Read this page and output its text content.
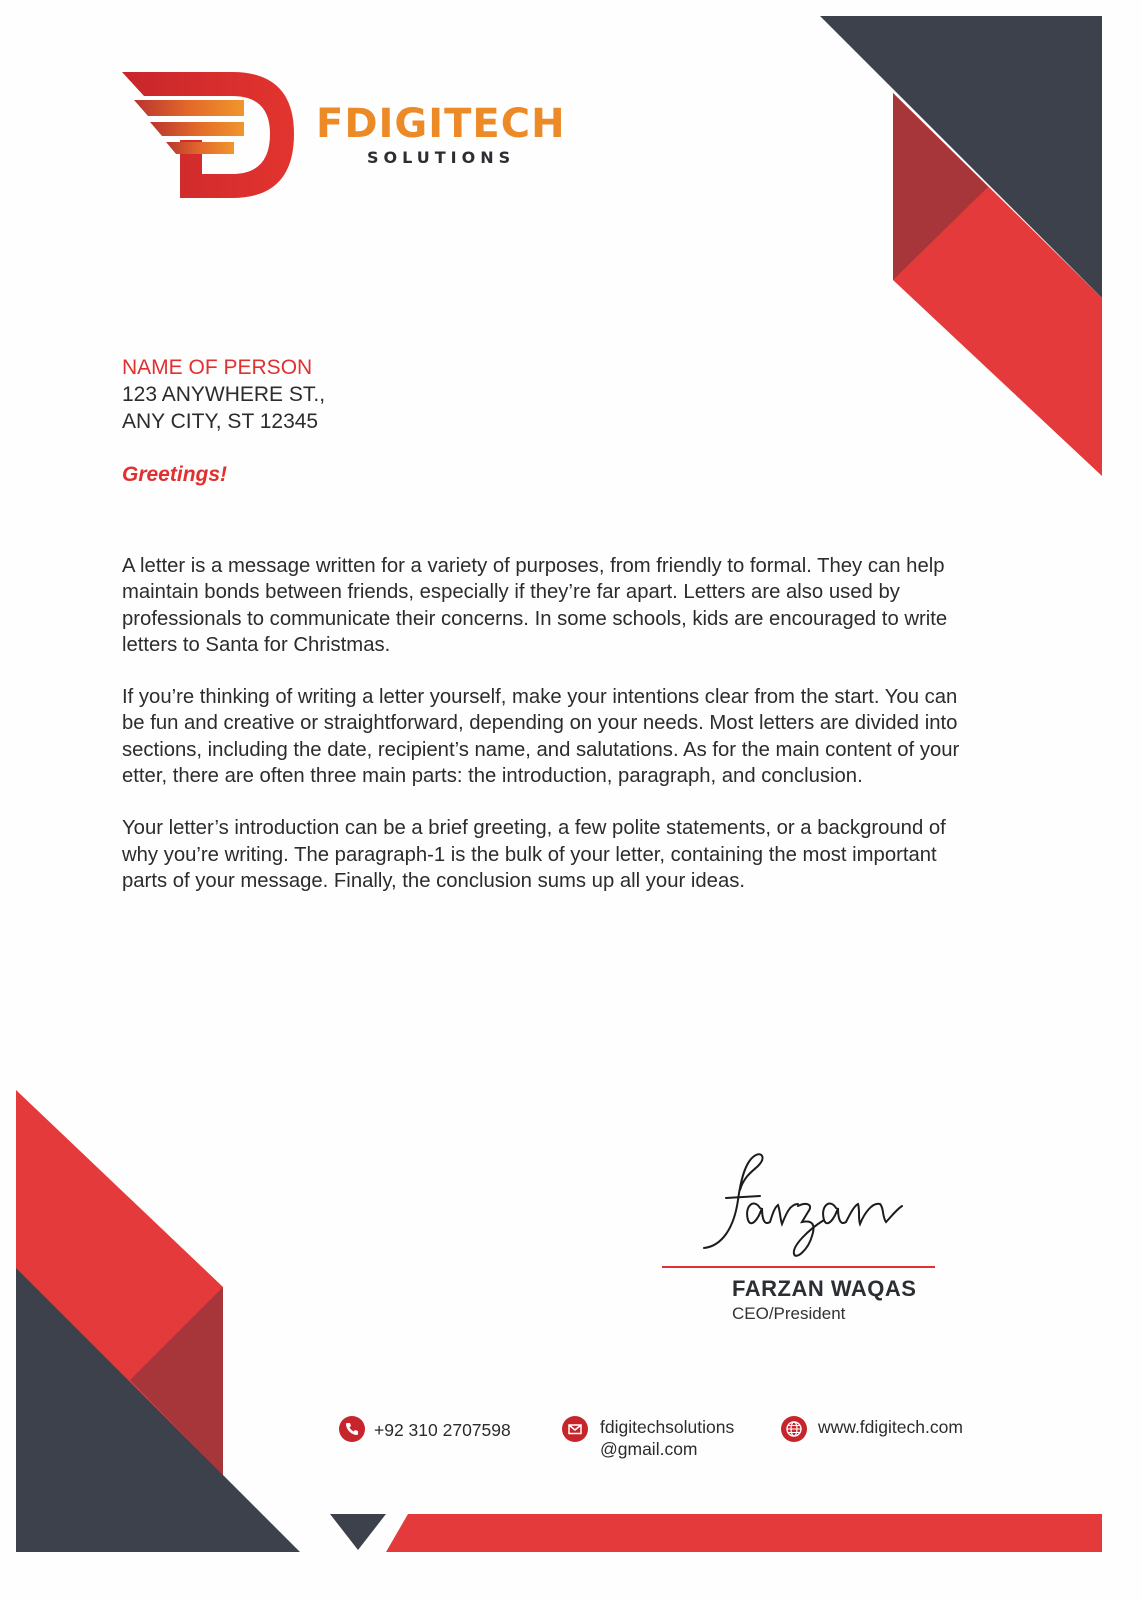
FDIGITECH
SOLUTIONS
NAME OF PERSON
123 ANYWHERE ST.,
ANY CITY, ST 12345
Greetings!

A letter is a message written for a variety of purposes, from friendly to formal. They can help maintain bonds between friends, especially if they’re far apart. Letters are also used by professionals to communicate their concerns. In some schools, kids are encouraged to write letters to Santa for Christmas.

If you’re thinking of writing a letter yourself, make your intentions clear from the start. You can be fun and creative or straightforward, depending on your needs. Most letters are divided into sections, including the date, recipient’s name, and salutations. As for the main content of your etter, there are often three main parts: the introduction, paragraph, and conclusion.

Your letter’s introduction can be a brief greeting, a few polite statements, or a background of why you’re writing. The paragraph-1 is the bulk of your letter, containing the most important parts of your message. Finally, the conclusion sums up all your ideas.

FARZAN WAQAS
CEO/President
+92 310 2707598	fdigitechsolutions
@gmail.com
www.fdigitech.com
